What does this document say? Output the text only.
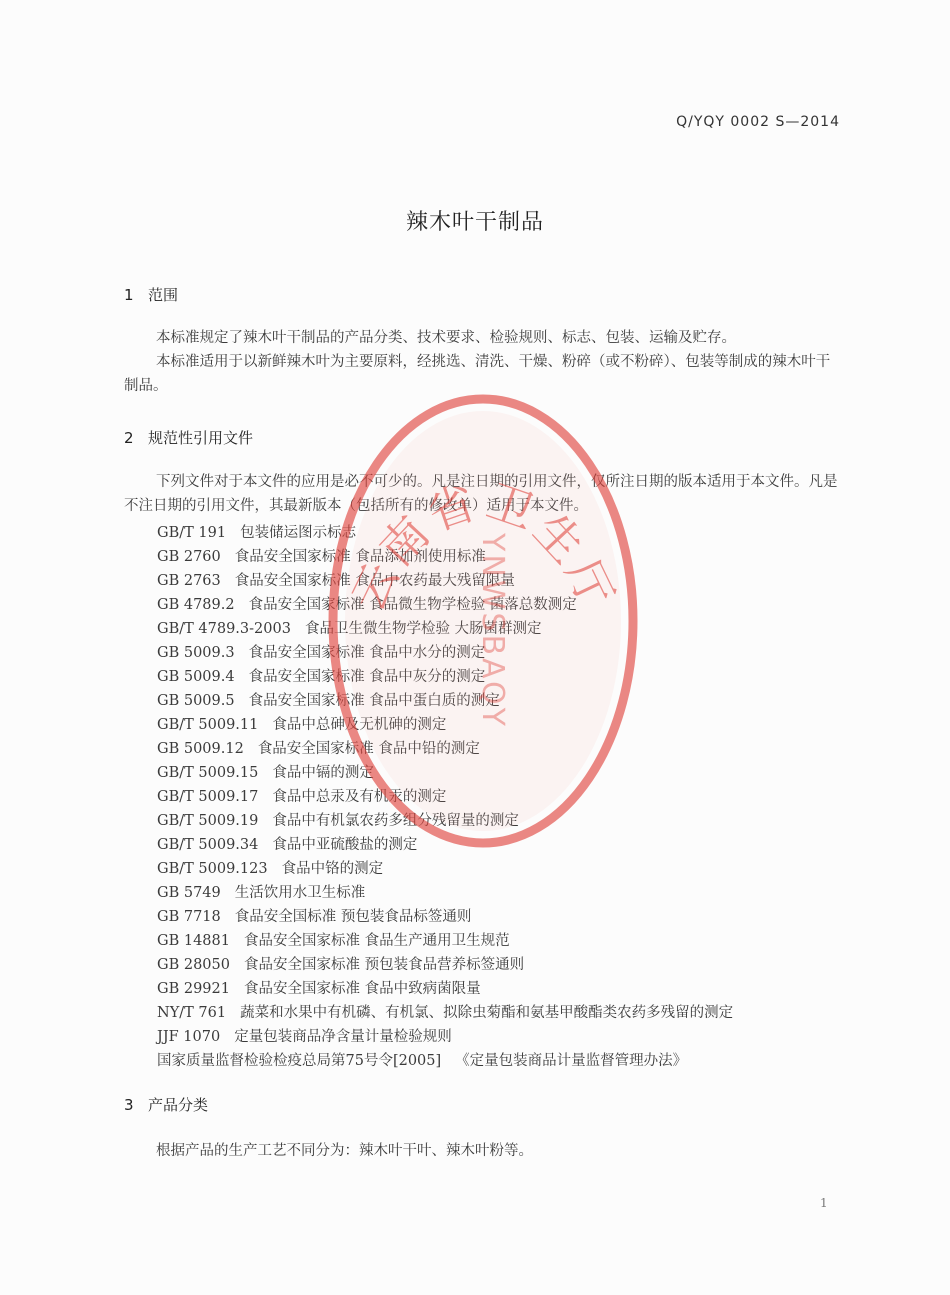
Q/YQY 0002 S—2014
辣木叶干制品
1 范围
本标准规定了辣木叶干制品的产品分类、技术要求、检验规则、标志、包装、运输及贮存。
本标准适用于以新鲜辣木叶为主要原料，经挑选、清洗、干燥、粉碎（或不粉碎）、包装等制成的辣木叶干制品。
2 规范性引用文件
下列文件对于本文件的应用是必不可少的。凡是注日期的引用文件，仅所注日期的版本适用于本文件。凡是不注日期的引用文件，其最新版本（包括所有的修改单）适用于本文件。
GB/T 191 包装储运图示标志
GB 2760 食品安全国家标准 食品添加剂使用标准
GB 2763 食品安全国家标准 食品中农药最大残留限量
GB 4789.2 食品安全国家标准 食品微生物学检验 菌落总数测定
GB/T 4789.3-2003 食品卫生微生物学检验 大肠菌群测定
GB 5009.3 食品安全国家标准 食品中水分的测定
GB 5009.4 食品安全国家标准 食品中灰分的测定
GB 5009.5 食品安全国家标准 食品中蛋白质的测定
GB/T 5009.11 食品中总砷及无机砷的测定
GB 5009.12 食品安全国家标准 食品中铅的测定
GB/T 5009.15 食品中镉的测定
GB/T 5009.17 食品中总汞及有机汞的测定
GB/T 5009.19 食品中有机氯农药多组分残留量的测定
GB/T 5009.34 食品中亚硫酸盐的测定
GB/T 5009.123 食品中铬的测定
GB 5749 生活饮用水卫生标准
GB 7718 食品安全国标准 预包装食品标签通则
GB 14881 食品安全国家标准 食品生产通用卫生规范
GB 28050 食品安全国家标准 预包装食品营养标签通则
GB 29921 食品安全国家标准 食品中致病菌限量
NY/T 761 蔬菜和水果中有机磷、有机氯、拟除虫菊酯和氨基甲酸酯类农药多残留的测定
JJF 1070 定量包装商品净含量计量检验规则
国家质量监督检验检疫总局第75号令[2005] 《定量包装商品计量监督管理办法》
3 产品分类
根据产品的生产工艺不同分为：辣木叶干叶、辣木叶粉等。
1
云南省卫生厅
YNWSBAQY
